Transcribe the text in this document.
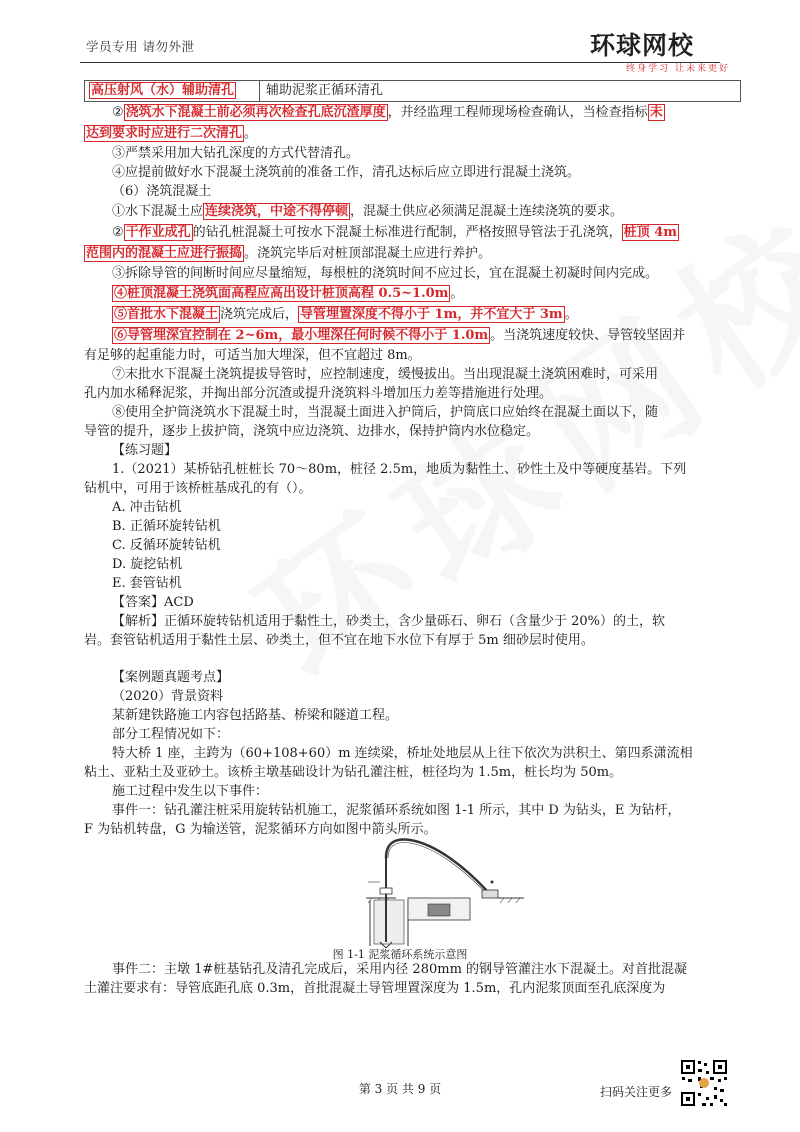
学员专用 请勿外泄	环球网校
终身学习 让未来更好
高压射风（水）辅助清孔	辅助泥浆正循环清孔
② 浇筑水下混凝土前必须再次检查孔底沉渣厚度 ，并经监理工程师现场检查确认，当检查指标 未
达到要求时应进行二次清孔 。
③严禁采用加大钻孔深度的方式代替清孔。
④应提前做好水下混凝土浇筑前的准备工作，清孔达标后应立即进行混凝土浇筑。
（6）浇筑混凝土
①水下混凝土应 连续浇筑，中途不得停顿 ，混凝土供应必须满足混凝土连续浇筑的要求。
② 干作业成孔 的钻孔桩混凝土可按水下混凝土标准进行配制，严格按照导管法于孔浇筑， 桩顶 4m
范围内的混凝土应进行振捣 。浇筑完毕后对桩顶部混凝土应进行养护。
③拆除导管的间断时间应尽量缩短，每根桩的浇筑时间不应过长，宜在混凝土初凝时间内完成。
④桩顶混凝土浇筑面高程应高出设计桩顶高程 0.5~1.0m 。
⑤首批水下混凝土 浇筑完成后， 导管埋置深度不得小于 1m，并不宜大于 3m 。
⑥导管埋深宜控制在 2~6m，最小埋深任何时候不得小于 1.0m 。当浇筑速度较快、导管较坚固并
有足够的起重能力时，可适当加大埋深，但不宜超过 8m。
⑦末批水下混凝土浇筑提拔导管时，应控制速度，缓慢拔出。当出现混凝土浇筑困难时，可采用
孔内加水稀释泥浆，并掏出部分沉渣或提升浇筑料斗增加压力差等措施进行处理。
⑧使用全护筒浇筑水下混凝土时，当混凝土面进入护筒后，护筒底口应始终在混凝土面以下，随
导管的提升，逐步上拔护筒，浇筑中应边浇筑、边排水，保持护筒内水位稳定。
【练习题】
1.（2021）某桥钻孔桩桩长 70～80m，桩径 2.5m，地质为黏性土、砂性土及中等硬度基岩。下列
钻机中，可用于该桥桩基成孔的有（）。
A. 冲击钻机
B. 正循环旋转钻机
C. 反循环旋转钻机
D. 旋挖钻机
E. 套管钻机
【答案】ACD
【解析】正循环旋转钻机适用于黏性土，砂类土，含少量砾石、卵石（含量少于 20%）的土，软
岩。套管钻机适用于黏性土层、砂类土，但不宜在地下水位下有厚于 5m 细砂层时使用。
【案例题真题考点】
（2020）背景资料
某新建铁路施工内容包括路基、桥梁和隧道工程。
部分工程情况如下：
特大桥 1 座，主跨为（60+108+60）m 连续梁，桥址处地层从上往下依次为洪积土、第四系潇流相
粘土、亚粘土及亚砂土。该桥主墩基础设计为钻孔灌注桩，桩径均为 1.5m，桩长均为 50m。
施工过程中发生以下事件：
事件一：钻孔灌注桩采用旋转钻机施工，泥浆循环系统如图 1-1 所示，其中 D 为钻头，E 为钻杆，
F 为钻机转盘，G 为输送管，泥浆循环方向如图中箭头所示。
图 1-1 泥浆循环系统示意图
事件二：主墩 1#桩基钻孔及清孔完成后，采用内径 280mm 的钢导管灌注水下混凝土。对首批混凝
土灌注要求有：导管底距孔底 0.3m，首批混凝土导管埋置深度为 1.5m，孔内泥浆顶面至孔底深度为
第 3 页 共 9 页	扫码关注更多
